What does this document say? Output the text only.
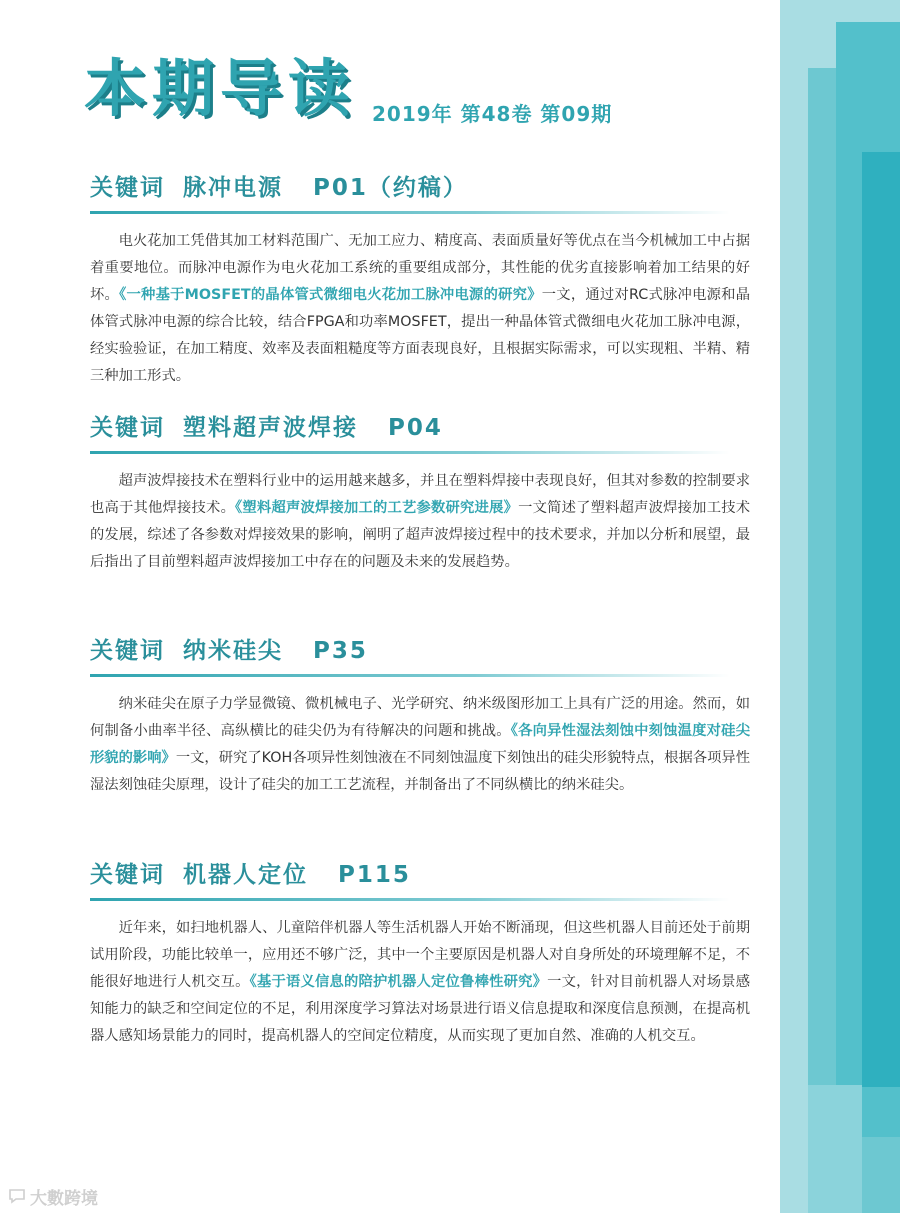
本期导读 2019年 第48卷 第09期
关键词 脉冲电源 P01（约稿）
电火花加工凭借其加工材料范围广、无加工应力、精度高、表面质量好等优点在当今机械加工中占据着重要地位。而脉冲电源作为电火花加工系统的重要组成部分，其性能的优劣直接影响着加工结果的好坏。《一种基于MOSFET的晶体管式微细电火花加工脉冲电源的研究》一文，通过对RC式脉冲电源和晶体管式脉冲电源的综合比较，结合FPGA和功率MOSFET，提出一种晶体管式微细电火花加工脉冲电源，经实验验证，在加工精度、效率及表面粗糙度等方面表现良好，且根据实际需求，可以实现粗、半精、精三种加工形式。
关键词 塑料超声波焊接 P04
超声波焊接技术在塑料行业中的运用越来越多，并且在塑料焊接中表现良好，但其对参数的控制要求也高于其他焊接技术。《塑料超声波焊接加工的工艺参数研究进展》一文简述了塑料超声波焊接加工技术的发展，综述了各参数对焊接效果的影响，阐明了超声波焊接过程中的技术要求，并加以分析和展望，最后指出了目前塑料超声波焊接加工中存在的问题及未来的发展趋势。
关键词 纳米硅尖 P35
纳米硅尖在原子力学显微镜、微机械电子、光学研究、纳米级图形加工上具有广泛的用途。然而，如何制备小曲率半径、高纵横比的硅尖仍为有待解决的问题和挑战。《各向异性湿法刻蚀中刻蚀温度对硅尖形貌的影响》一文，研究了KOH各项异性刻蚀液在不同刻蚀温度下刻蚀出的硅尖形貌特点，根据各项异性湿法刻蚀硅尖原理，设计了硅尖的加工工艺流程，并制备出了不同纵横比的纳米硅尖。
关键词 机器人定位 P115
近年来，如扫地机器人、儿童陪伴机器人等生活机器人开始不断涌现，但这些机器人目前还处于前期试用阶段，功能比较单一，应用还不够广泛，其中一个主要原因是机器人对自身所处的环境理解不足，不能很好地进行人机交互。《基于语义信息的陪护机器人定位鲁棒性研究》一文，针对目前机器人对场景感知能力的缺乏和空间定位的不足，利用深度学习算法对场景进行语义信息提取和深度信息预测，在提高机器人感知场景能力的同时，提高机器人的空间定位精度，从而实现了更加自然、准确的人机交互。
大數跨境
